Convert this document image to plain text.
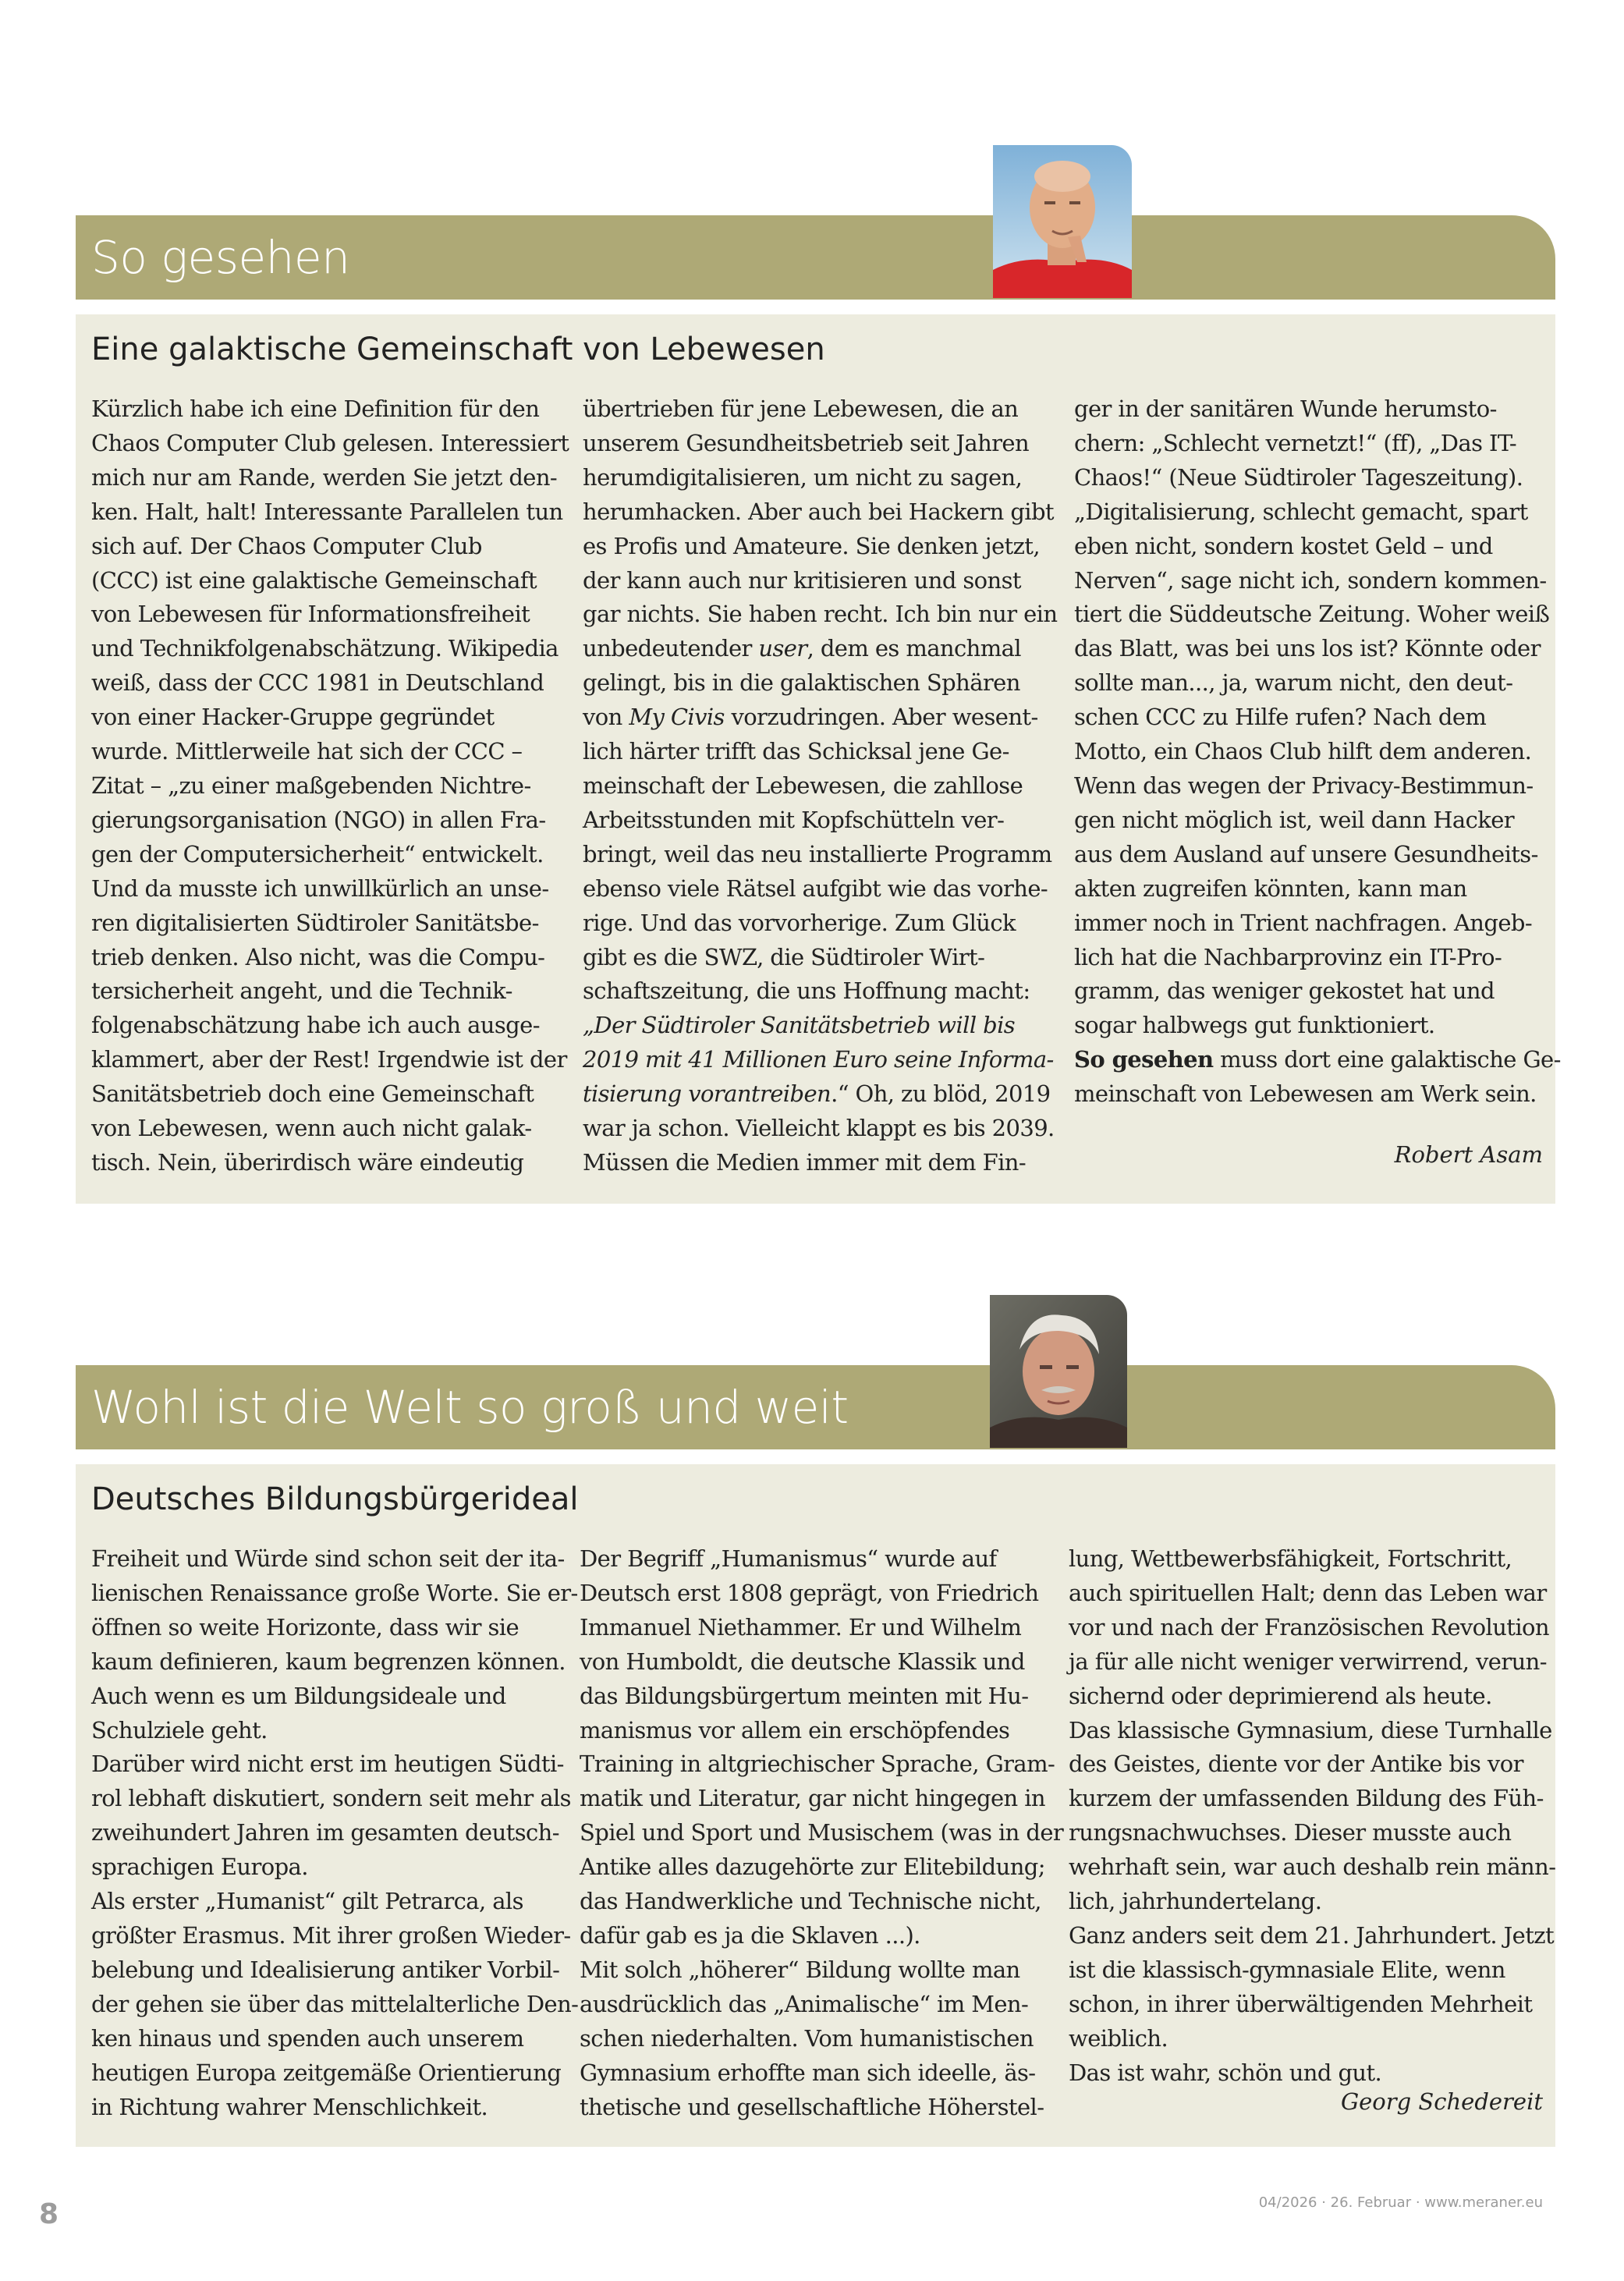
So gesehen
Eine galaktische Gemeinschaft von Lebewesen
Kürzlich habe ich eine Definition für den
Chaos Computer Club gelesen. Interessiert
mich nur am Rande, werden Sie jetzt den-
ken. Halt, halt! Interessante Parallelen tun
sich auf. Der Chaos Computer Club
(CCC) ist eine galaktische Gemeinschaft
von Lebewesen für Informationsfreiheit
und Technikfolgenabschätzung. Wikipedia
weiß, dass der CCC 1981 in Deutschland
von einer Hacker-Gruppe gegründet
wurde. Mittlerweile hat sich der CCC –
Zitat – „zu einer maßgebenden Nichtre-
gierungsorganisation (NGO) in allen Fra-
gen der Computersicherheit“ entwickelt.
Und da musste ich unwillkürlich an unse-
ren digitalisierten Südtiroler Sanitätsbe-
trieb denken. Also nicht, was die Compu-
tersicherheit angeht, und die Technik-
folgenabschätzung habe ich auch ausge-
klammert, aber der Rest! Irgendwie ist der
Sanitätsbetrieb doch eine Gemeinschaft
von Lebewesen, wenn auch nicht galak-
tisch. Nein, überirdisch wäre eindeutig
übertrieben für jene Lebewesen, die an
unserem Gesundheitsbetrieb seit Jahren
herumdigitalisieren, um nicht zu sagen,
herumhacken. Aber auch bei Hackern gibt
es Profis und Amateure. Sie denken jetzt,
der kann auch nur kritisieren und sonst
gar nichts. Sie haben recht. Ich bin nur ein
unbedeutender user, dem es manchmal
gelingt, bis in die galaktischen Sphären
von My Civis vorzudringen. Aber wesent-
lich härter trifft das Schicksal jene Ge-
meinschaft der Lebewesen, die zahllose
Arbeitsstunden mit Kopfschütteln ver-
bringt, weil das neu installierte Programm
ebenso viele Rätsel aufgibt wie das vorhe-
rige. Und das vorvorherige. Zum Glück
gibt es die SWZ, die Südtiroler Wirt-
schaftszeitung, die uns Hoffnung macht:
„Der Südtiroler Sanitätsbetrieb will bis
2019 mit 41 Millionen Euro seine Informa-
tisierung vorantreiben.“ Oh, zu blöd, 2019
war ja schon. Vielleicht klappt es bis 2039.
Müssen die Medien immer mit dem Fin-
ger in der sanitären Wunde herumsto-
chern: „Schlecht vernetzt!“ (ff), „Das IT-
Chaos!“ (Neue Südtiroler Tageszeitung).
„Digitalisierung, schlecht gemacht, spart
eben nicht, sondern kostet Geld – und
Nerven“, sage nicht ich, sondern kommen-
tiert die Süddeutsche Zeitung. Woher weiß
das Blatt, was bei uns los ist? Könnte oder
sollte man..., ja, warum nicht, den deut-
schen CCC zu Hilfe rufen? Nach dem
Motto, ein Chaos Club hilft dem anderen.
Wenn das wegen der Privacy-Bestimmun-
gen nicht möglich ist, weil dann Hacker
aus dem Ausland auf unsere Gesundheits-
akten zugreifen könnten, kann man
immer noch in Trient nachfragen. Angeb-
lich hat die Nachbarprovinz ein IT-Pro-
gramm, das weniger gekostet hat und
sogar halbwegs gut funktioniert.
So gesehen muss dort eine galaktische Ge-
meinschaft von Lebewesen am Werk sein.
Robert Asam
Wohl ist die Welt so groß und weit
Deutsches Bildungsbürgerideal
Freiheit und Würde sind schon seit der ita-
lienischen Renaissance große Worte. Sie er-
öffnen so weite Horizonte, dass wir sie
kaum definieren, kaum begrenzen können.
Auch wenn es um Bildungsideale und
Schulziele geht.
Darüber wird nicht erst im heutigen Südti-
rol lebhaft diskutiert, sondern seit mehr als
zweihundert Jahren im gesamten deutsch-
sprachigen Europa.
Als erster „Humanist“ gilt Petrarca, als
größter Erasmus. Mit ihrer großen Wieder-
belebung und Idealisierung antiker Vorbil-
der gehen sie über das mittelalterliche Den-
ken hinaus und spenden auch unserem
heutigen Europa zeitgemäße Orientierung
in Richtung wahrer Menschlichkeit.
Der Begriff „Humanismus“ wurde auf
Deutsch erst 1808 geprägt, von Friedrich
Immanuel Niethammer. Er und Wilhelm
von Humboldt, die deutsche Klassik und
das Bildungsbürgertum meinten mit Hu-
manismus vor allem ein erschöpfendes
Training in altgriechischer Sprache, Gram-
matik und Literatur, gar nicht hingegen in
Spiel und Sport und Musischem (was in der
Antike alles dazugehörte zur Elitebildung;
das Handwerkliche und Technische nicht,
dafür gab es ja die Sklaven ...).
Mit solch „höherer“ Bildung wollte man
ausdrücklich das „Animalische“ im Men-
schen niederhalten. Vom humanistischen
Gymnasium erhoffte man sich ideelle, äs-
thetische und gesellschaftliche Höherstel-
lung, Wettbewerbsfähigkeit, Fortschritt,
auch spirituellen Halt; denn das Leben war
vor und nach der Französischen Revolution
ja für alle nicht weniger verwirrend, verun-
sichernd oder deprimierend als heute.
Das klassische Gymnasium, diese Turnhalle
des Geistes, diente vor der Antike bis vor
kurzem der umfassenden Bildung des Füh-
rungsnachwuchses. Dieser musste auch
wehrhaft sein, war auch deshalb rein männ-
lich, jahrhundertelang.
Ganz anders seit dem 21. Jahrhundert. Jetzt
ist die klassisch-gymnasiale Elite, wenn
schon, in ihrer überwältigenden Mehrheit
weiblich.
Das ist wahr, schön und gut.
Georg Schedereit
8	04/2026 · 26. Februar · www.meraner.eu
